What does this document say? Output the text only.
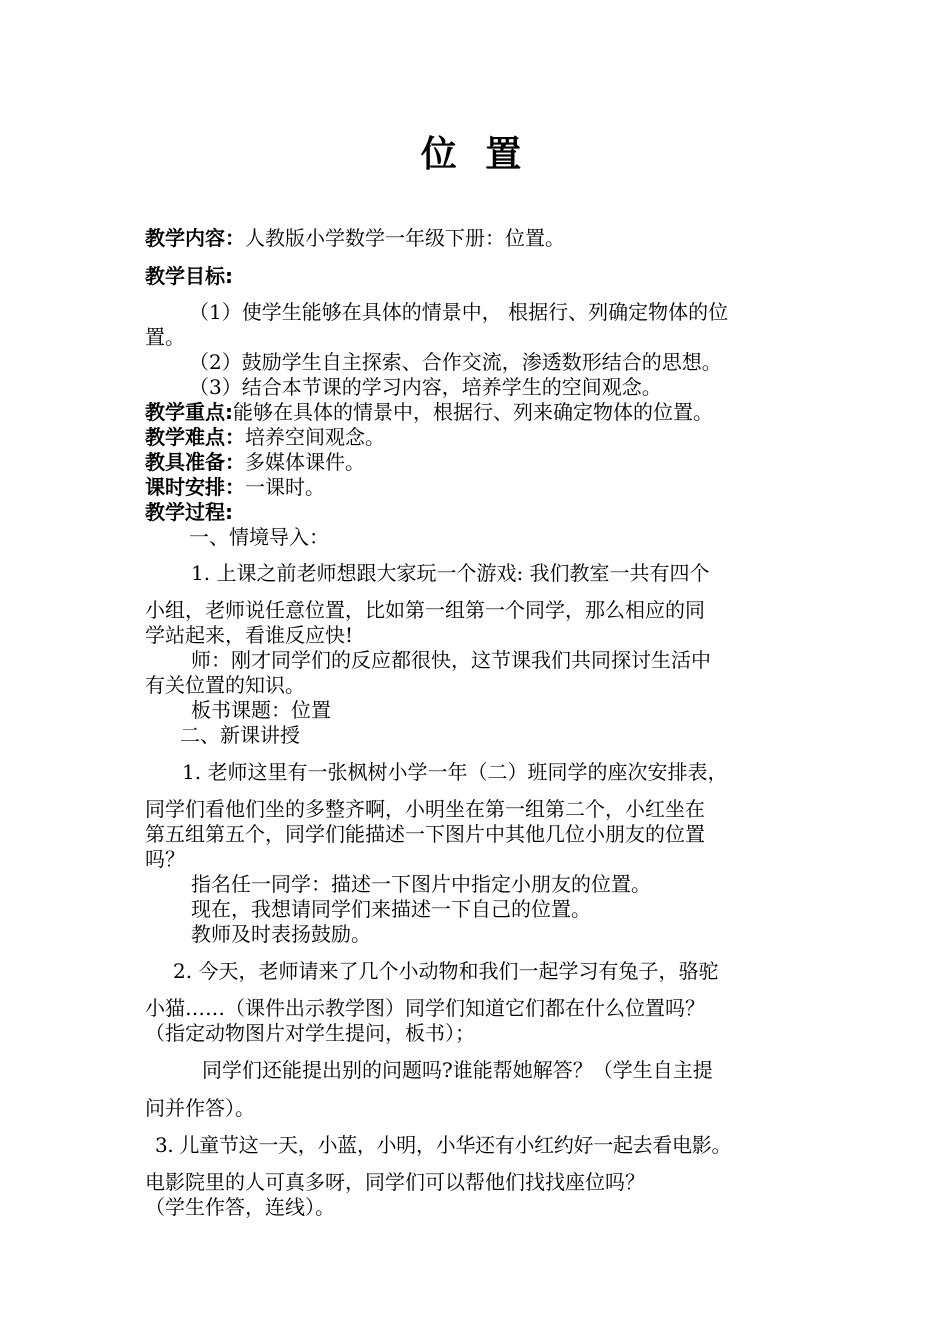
位 置
教学内容：人教版小学数学一年级下册：位置。
教学目标:
（1）使学生能够在具体的情景中， 根据行、列确定物体的位
置。
（2）鼓励学生自主探索、合作交流，渗透数形结合的思想。
（3）结合本节课的学习内容，培养学生的空间观念。
教学重点:能够在具体的情景中，根据行、列来确定物体的位置。
教学难点：培养空间观念。
教具准备：多媒体课件。
课时安排：一课时。
教学过程:
一、情境导入：
1. 上课之前老师想跟大家玩一个游戏: 我们教室一共有四个
小组，老师说任意位置，比如第一组第一个同学，那么相应的同
学站起来，看谁反应快!
师：刚才同学们的反应都很快，这节课我们共同探讨生活中
有关位置的知识。
板书课题：位置
二、新课讲授
1. 老师这里有一张枫树小学一年（二）班同学的座次安排表，
同学们看他们坐的多整齐啊，小明坐在第一组第二个，小红坐在
第五组第五个，同学们能描述一下图片中其他几位小朋友的位置
吗？
指名任一同学：描述一下图片中指定小朋友的位置。
现在，我想请同学们来描述一下自己的位置。
教师及时表扬鼓励。
2. 今天，老师请来了几个小动物和我们一起学习有兔子，骆驼
小猫……（课件出示教学图）同学们知道它们都在什么位置吗？
（指定动物图片对学生提问，板书）；
同学们还能提出别的问题吗?谁能帮她解答？（学生自主提
问并作答）。
3. 儿童节这一天，小蓝，小明，小华还有小红约好一起去看电影。
电影院里的人可真多呀，同学们可以帮他们找找座位吗？
（学生作答，连线）。
